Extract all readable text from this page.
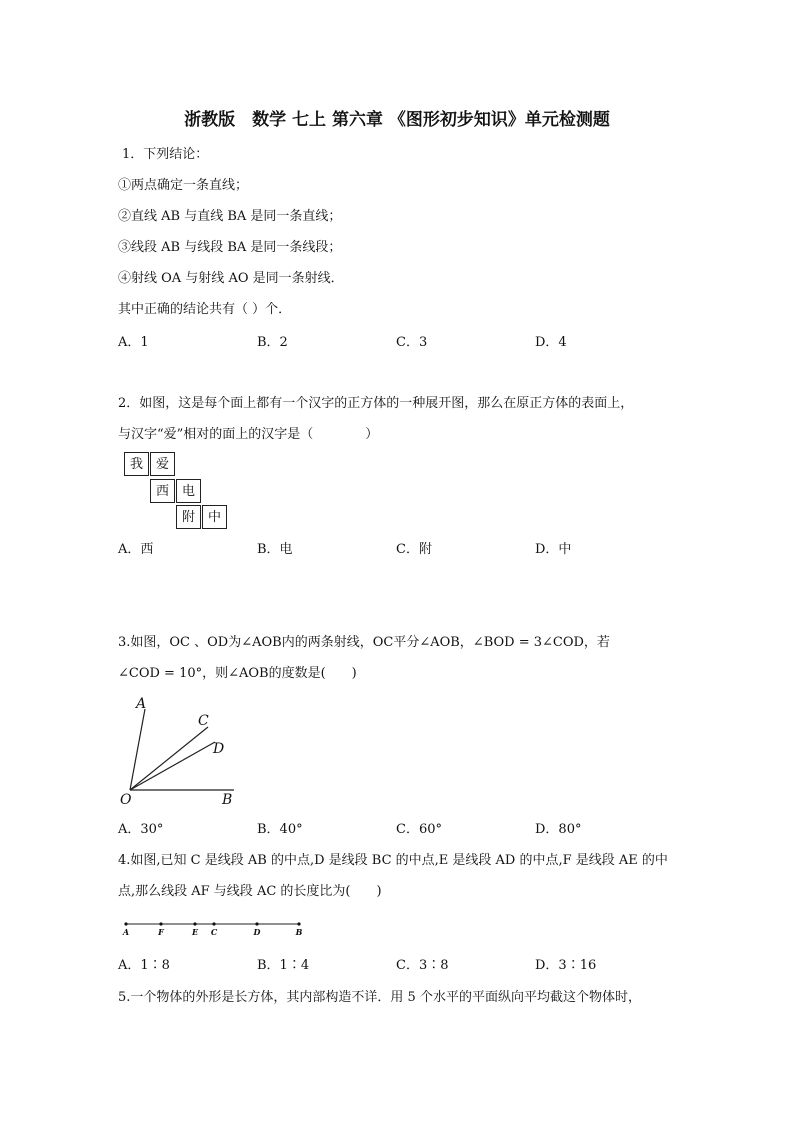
浙教版　数学 七上 第六章 《图形初步知识》单元检测题
1．下列结论：
①两点确定一条直线；
②直线 AB 与直线 BA 是同一条直线；
③线段 AB 与线段 BA 是同一条线段；
④射线 OA 与射线 AO 是同一条射线．
其中正确的结论共有（ ）个．
A．1	B．2	C．3	D．4
2．如图，这是每个面上都有一个汉字的正方体的一种展开图，那么在原正方体的表面上，
与汉字“爱”相对的面上的汉字是（　　　　）
我 爱
西 电
附 中
A．西	B．电	C．附	D．中
3.如图，OC 、OD为∠AOB内的两条射线，OC平分∠AOB，∠BOD = 3∠COD，若
∠COD = 10°，则∠AOB的度数是(　　)
A
C
D
O	B
A．30°	B．40°	C．60°	D．80°
4.如图,已知 C 是线段 AB 的中点,D 是线段 BC 的中点,E 是线段 AD 的中点,F 是线段 AE 的中
点,那么线段 AF 与线段 AC 的长度比为(　　)
A	F	E C	D	B
A．1∶8	B．1∶4	C．3∶8	D．3∶16
5.一个物体的外形是长方体，其内部构造不详．用 5 个水平的平面纵向平均截这个物体时，
